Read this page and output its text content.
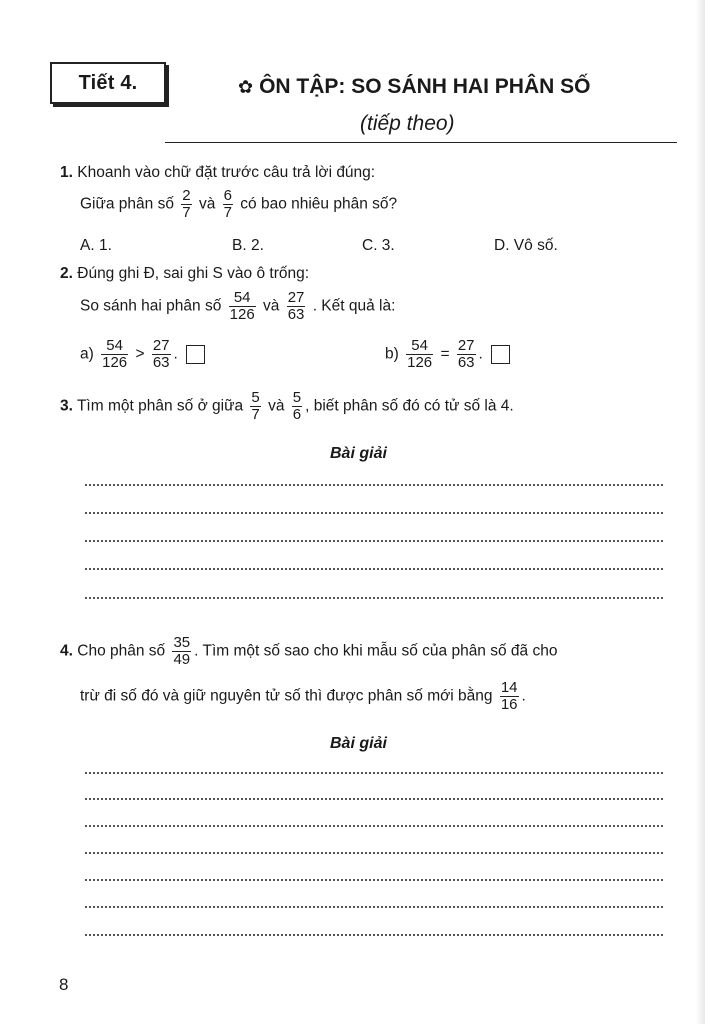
Tiết 4.	✿ ÔN TẬP: SO SÁNH HAI PHÂN SỐ
(tiếp theo)
1. Khoanh vào chữ đặt trước câu trả lời đúng:
Giữa phân số $\frac{2}{7}$ và $\frac{6}{7}$ có bao nhiêu phân số?
A. 1.	B. 2.	C. 3.	D. Vô số.
2. Đúng ghi Đ, sai ghi S vào ô trống:
So sánh hai phân số $\frac{54}{126}$ và $\frac{27}{63}$ . Kết quả là:
$a) \frac{54}{126} > \frac{27}{63}$ .	$b) \frac{54}{126} = \frac{27}{63}$ .
3. Tìm một phân số ở giữa $\frac{5}{7}$ và $\frac{5}{6}$ , biết phân số đó có tử số là 4.
Bài giải
4. Cho phân số $\frac{35}{49}$ . Tìm một số sao cho khi mẫu số của phân số đã cho
trừ đi số đó và giữ nguyên tử số thì được phân số mới bằng $\frac{14}{16}$ .
Bài giải
8
